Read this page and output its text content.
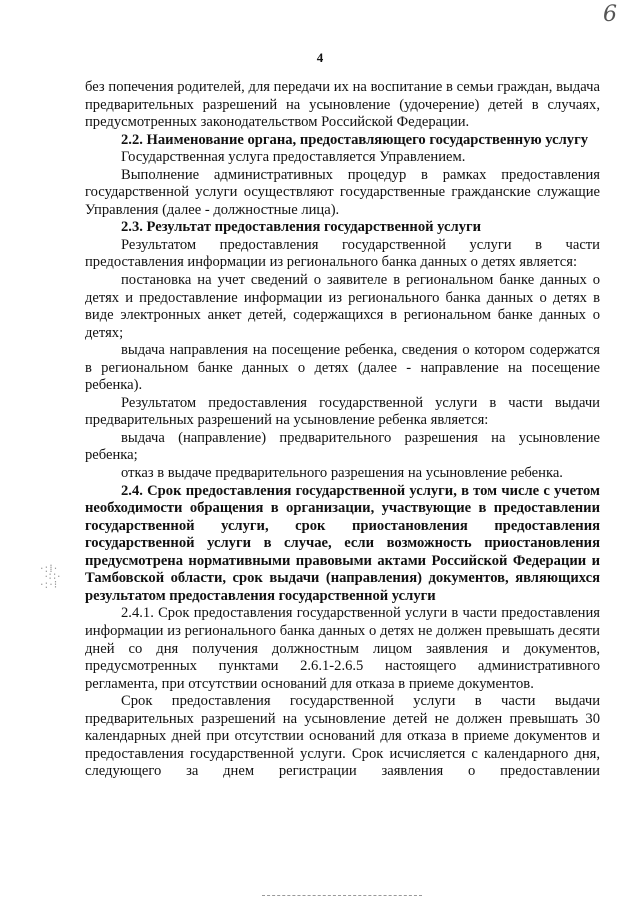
6
4

без попечения родителей, для передачи их на воспитание в семьи граждан, выдача предварительных разрешений на усыновление (удочерение) детей в случаях, предусмотренных законодательством Российской Федерации.

2.2. Наименование органа, предоставляющего государственную услугу

Государственная услуга предоставляется Управлением.

Выполнение административных процедур в рамках предоставления государственной услуги осуществляют государственные гражданские служащие Управления (далее - должностные лица).

2.3. Результат предоставления государственной услуги

Результатом предоставления государственной услуги в части предоставления информации из регионального банка данных о детях является:

постановка на учет сведений о заявителе в региональном банке данных о детях и предоставление информации из регионального банка данных о детях в виде электронных анкет детей, содержащихся в региональном банке данных о детях;

выдача направления на посещение ребенка, сведения о котором содержатся в региональном банке данных о детях (далее - направление на посещение ребенка).

Результатом предоставления государственной услуги в части выдачи предварительных разрешений на усыновление ребенка является:

выдача (направление) предварительного разрешения на усыновление ребенка;

отказ в выдаче предварительного разрешения на усыновление ребенка.

2.4. Срок предоставления государственной услуги, в том числе с учетом необходимости обращения в организации, участвующие в предоставлении государственной услуги, срок приостановления предоставления государственной услуги в случае, если возможность приостановления предусмотрена нормативными правовыми актами Российской Федерации и Тамбовской области, срок выдачи (направления) документов, являющихся результатом предоставления государственной услуги

2.4.1. Срок предоставления государственной услуги в части предоставления информации из регионального банка данных о детях не должен превышать десяти дней со дня получения должностным лицом заявления и документов, предусмотренных пунктами 2.6.1-2.6.5 настоящего административного регламента, при отсутствии оснований для отказа в приеме документов.

Срок предоставления государственной услуги в части выдачи предварительных разрешений на усыновление детей не должен превышать 30 календарных дней при отсутствии оснований для отказа в приеме документов и предоставления государственной услуги. Срок исчисляется с календарного дня, следующего за днем регистрации заявления о предоставлении

·:⁞·
·∷·
·:·⁝
